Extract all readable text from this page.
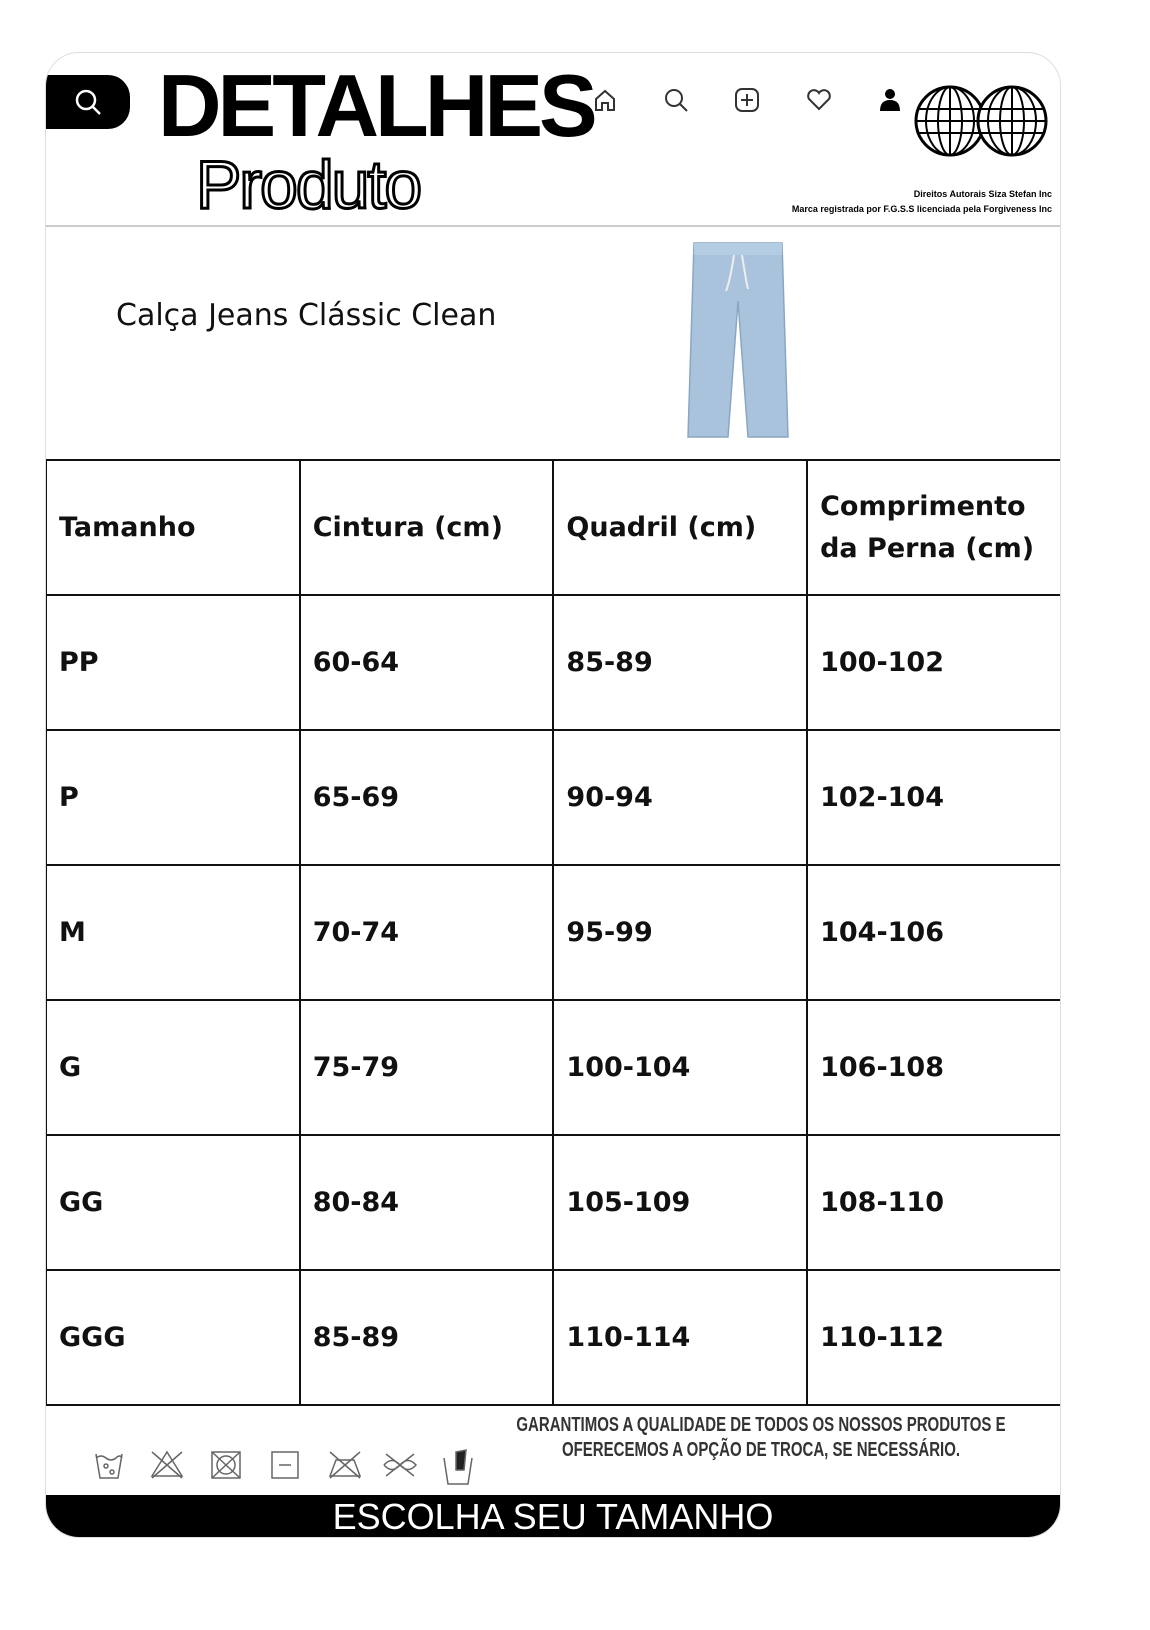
DETALHES
Produto	Direitos Autorais Siza Stefan Inc
Marca registrada por F.G.S.S licenciada pela Forgiveness Inc
Calça Jeans Clássic Clean
Tamanho	Cintura (cm)	Quadril (cm)	Comprimento da Perna (cm)
PP	60-64	85-89	100-102
P	65-69	90-94	102-104
M	70-74	95-99	104-106
G	75-79	100-104	106-108
GG	80-84	105-109	108-110
GGG	85-89	110-114	110-112
GARANTIMOS A QUALIDADE DE TODOS OS NOSSOS PRODUTOS E
OFERECEMOS A OPÇÃO DE TROCA, SE NECESSÁRIO.
ESCOLHA SEU TAMANHO
